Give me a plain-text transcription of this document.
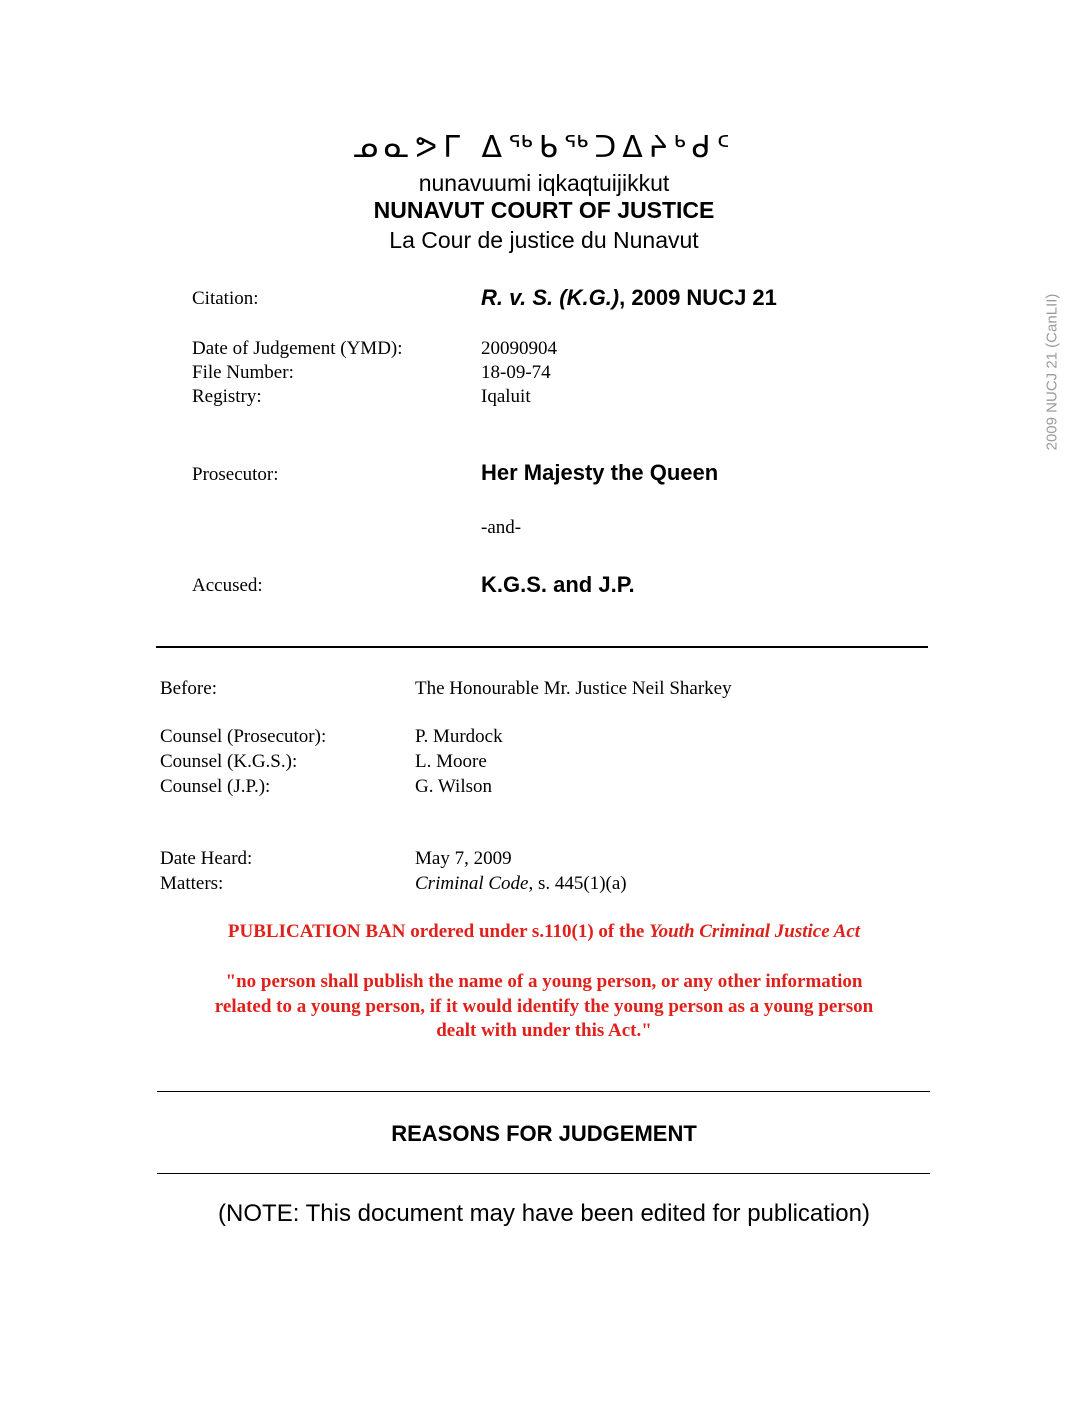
ᓄᓇᕗᒥ ᐃᖅᑲᖅᑐᐃᔨᒃᑯᑦ
nunavuumi iqkaqtuijikkut
NUNAVUT COURT OF JUSTICE
La Cour de justice du Nunavut
Citation:	R. v. S. (K.G.), 2009 NUCJ 21
Date of Judgement (YMD):	20090904
File Number:	18-09-74
Registry:	Iqaluit
Prosecutor:	Her Majesty the Queen
-and-
Accused:	K.G.S. and J.P.
Before:	The Honourable Mr. Justice Neil Sharkey
Counsel (Prosecutor):	P. Murdock
Counsel (K.G.S.):	L. Moore
Counsel (J.P.):	G. Wilson
Date Heard:	May 7, 2009
Matters:	Criminal Code, s. 445(1)(a)
PUBLICATION BAN ordered under s.110(1) of the Youth Criminal Justice Act
"no person shall publish the name of a young person, or any other information
related to a young person, if it would identify the young person as a young person
dealt with under this Act."
REASONS FOR JUDGEMENT
(NOTE: This document may have been edited for publication)
2009 NUCJ 21 (CanLII)
